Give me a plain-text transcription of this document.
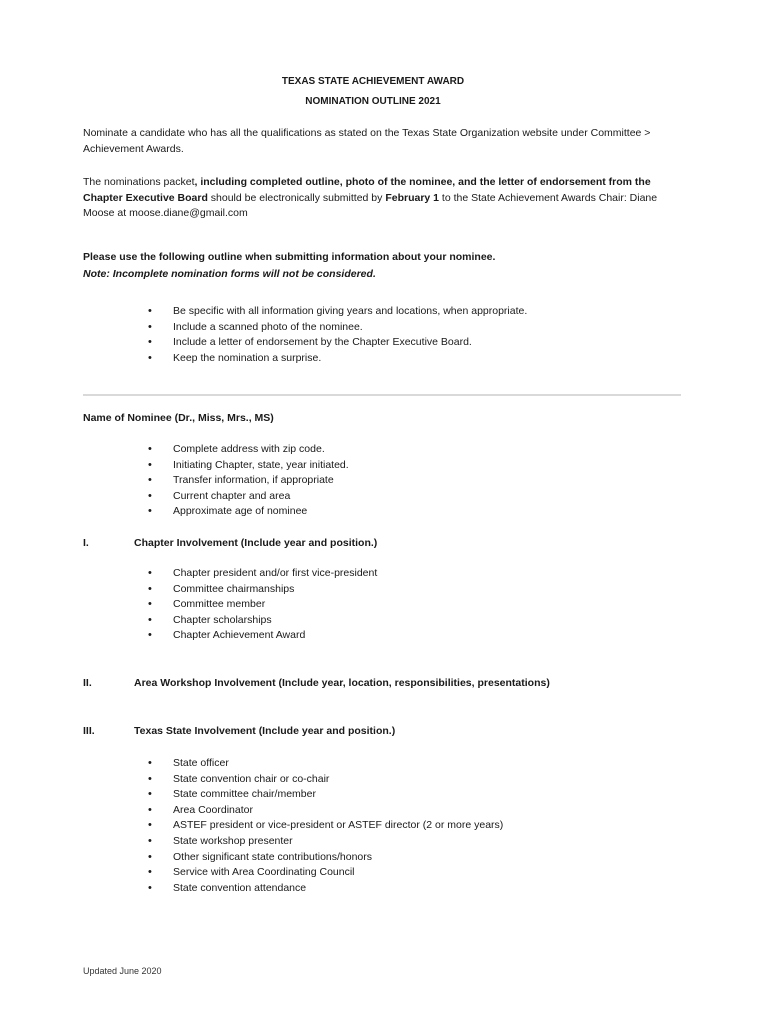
TEXAS STATE ACHIEVEMENT AWARD
NOMINATION OUTLINE 2021
Nominate a candidate who has all the qualifications as stated on the Texas State Organization website under Committee > Achievement Awards.
The nominations packet, including completed outline, photo of the nominee, and the letter of endorsement from the Chapter Executive Board should be electronically submitted by February 1 to the State Achievement Awards Chair: Diane Moose at moose.diane@gmail.com
Please use the following outline when submitting information about your nominee.
Note: Incomplete nomination forms will not be considered.
• Be specific with all information giving years and locations, when appropriate.
• Include a scanned photo of the nominee.
• Include a letter of endorsement by the Chapter Executive Board.
• Keep the nomination a surprise.
Name of Nominee (Dr., Miss, Mrs., MS)
• Complete address with zip code.
• Initiating Chapter, state, year initiated.
• Transfer information, if appropriate
• Current chapter and area
• Approximate age of nominee
I.	Chapter Involvement (Include year and position.)
• Chapter president and/or first vice-president
• Committee chairmanships
• Committee member
• Chapter scholarships
• Chapter Achievement Award
II.	Area Workshop Involvement (Include year, location, responsibilities, presentations)
III.	Texas State Involvement (Include year and position.)
• State officer
• State convention chair or co-chair
• State committee chair/member
• Area Coordinator
• ASTEF president or vice-president or ASTEF director (2 or more years)
• State workshop presenter
• Other significant state contributions/honors
• Service with Area Coordinating Council
• State convention attendance
Updated June 2020
